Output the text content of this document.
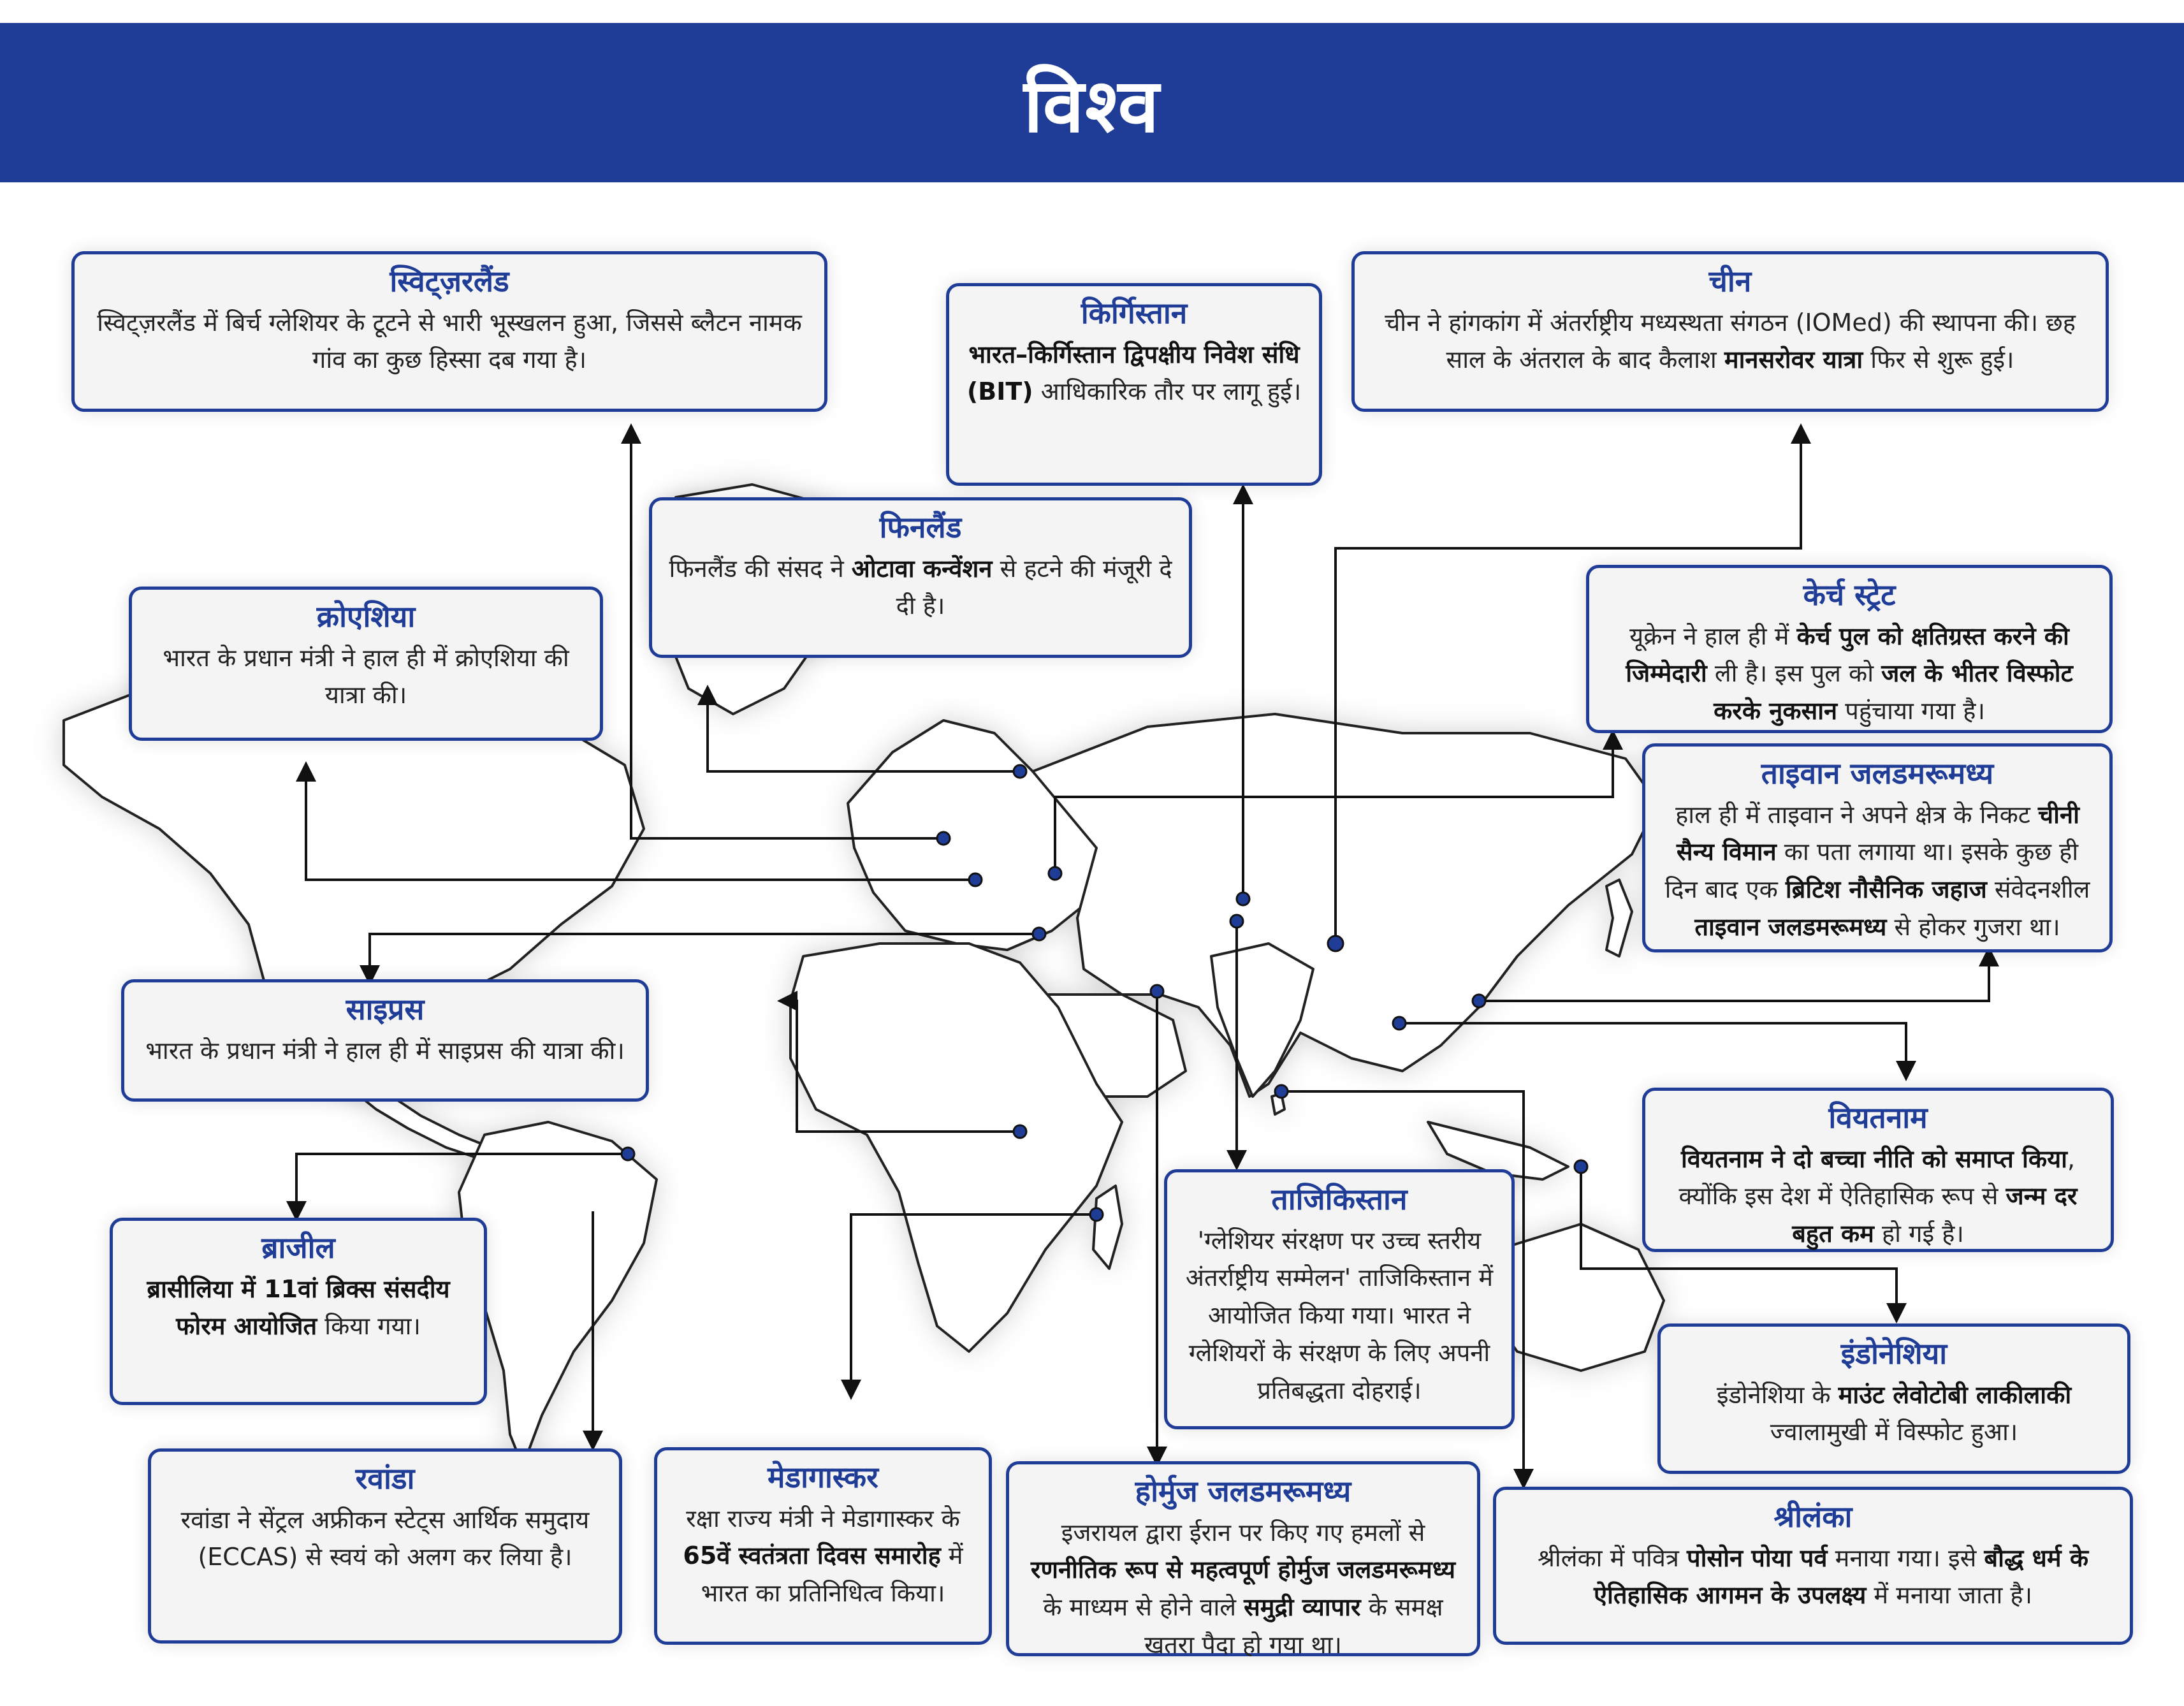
विश्व
स्विट्ज़रलैंड
स्विट्ज़रलैंड में बिर्च ग्लेशियर के टूटने से भारी भूस्खलन हुआ, जिससे ब्लैटन नामक गांव का कुछ हिस्सा दब गया है।
किर्गिस्तान
भारत–किर्गिस्तान द्विपक्षीय निवेश संधि (BIT) आधिकारिक तौर पर लागू हुई।
चीन
चीन ने हांगकांग में अंतर्राष्ट्रीय मध्यस्थता संगठन (IOMed) की स्थापना की। छह साल के अंतराल के बाद कैलाश मानसरोवर यात्रा फिर से शुरू हुई।
फिनलैंड
फिनलैंड की संसद ने ओटावा कन्वेंशन से हटने की मंजूरी दे दी है।
क्रोएशिया
भारत के प्रधान मंत्री ने हाल ही में क्रोएशिया की यात्रा की।
केर्च स्ट्रेट
यूक्रेन ने हाल ही में केर्च पुल को क्षतिग्रस्त करने की जिम्मेदारी ली है। इस पुल को जल के भीतर विस्फोट करके नुकसान पहुंचाया गया है।
ताइवान जलडमरूमध्य
हाल ही में ताइवान ने अपने क्षेत्र के निकट चीनी सैन्य विमान का पता लगाया था। इसके कुछ ही दिन बाद एक ब्रिटिश नौसैनिक जहाज संवेदनशील ताइवान जलडमरूमध्य से होकर गुजरा था।
साइप्रस
भारत के प्रधान मंत्री ने हाल ही में साइप्रस की यात्रा की।
वियतनाम
वियतनाम ने दो बच्चा नीति को समाप्त किया, क्योंकि इस देश में ऐतिहासिक रूप से जन्म दर बहुत कम हो गई है।
ब्राजील
ब्रासीलिया में 11वां ब्रिक्स संसदीय फोरम आयोजित किया गया।
ताजिकिस्तान
'ग्लेशियर संरक्षण पर उच्च स्तरीय अंतर्राष्ट्रीय सम्मेलन' ताजिकिस्तान में आयोजित किया गया। भारत ने ग्लेशियरों के संरक्षण के लिए अपनी प्रतिबद्धता दोहराई।
इंडोनेशिया
इंडोनेशिया के माउंट लेवोटोबी लाकीलाकी ज्वालामुखी में विस्फोट हुआ।
रवांडा
रवांडा ने सेंट्रल अफ्रीकन स्टेट्स आर्थिक समुदाय (ECCAS) से स्वयं को अलग कर लिया है।
मेडागास्कर
रक्षा राज्य मंत्री ने मेडागास्कर के 65वें स्वतंत्रता दिवस समारोह में भारत का प्रतिनिधित्व किया।
होर्मुज जलडमरूमध्य
इजरायल द्वारा ईरान पर किए गए हमलों से रणनीतिक रूप से महत्वपूर्ण होर्मुज जलडमरूमध्य के माध्यम से होने वाले समुद्री व्यापार के समक्ष खतरा पैदा हो गया था।
श्रीलंका
श्रीलंका में पवित्र पोसोन पोया पर्व मनाया गया। इसे बौद्ध धर्म के ऐतिहासिक आगमन के उपलक्ष्य में मनाया जाता है।
